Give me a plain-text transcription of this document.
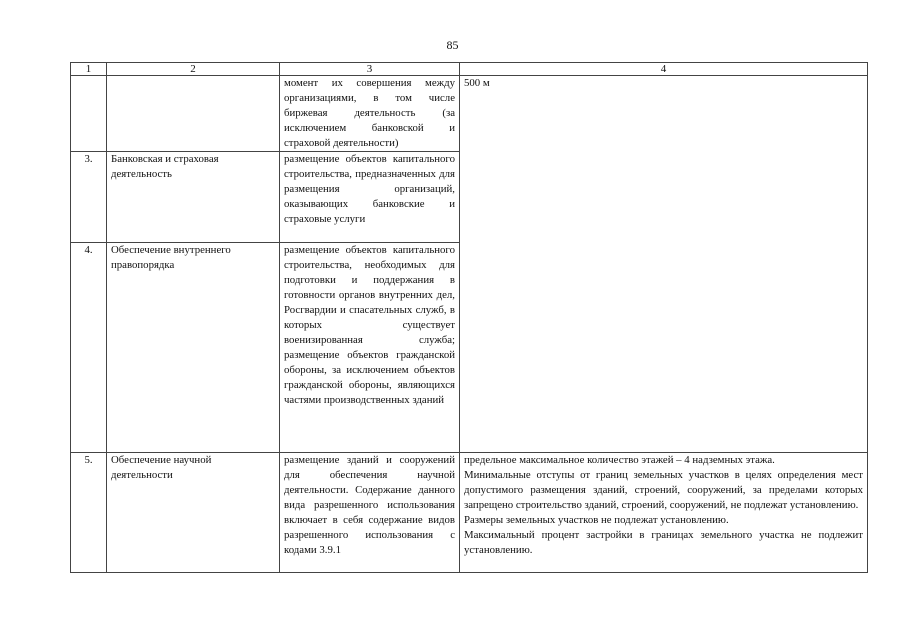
85
1	2	3	4
		момент их совершения между организациями, в том числе биржевая деятельность (за исключением банковской и страховой деятельности)	500 м
3.	Банковская и страховая деятельность	размещение объектов капитального строительства, предназначенных для размещения организаций, оказывающих банковские и страховые услуги	
4.	Обеспечение внутреннего правопорядка	размещение объектов капитального строительства, необходимых для подготовки и поддержания в готовности органов внутренних дел, Росгвардии и спасательных служб, в которых существует военизированная служба; размещение объектов гражданской обороны, за исключением объектов гражданской обороны, являющихся частями производственных зданий	
5.	Обеспечение научной деятельности	размещение зданий и сооружений для обеспечения научной деятельности. Содержание данного вида разрешенного использования включает в себя содержание видов разрешенного использования с кодами 3.9.1	предельное максимальное количество этажей – 4 надземных этажа.
Минимальные отступы от границ земельных участков в целях определения мест допустимого размещения зданий, строений, сооружений, за пределами которых запрещено строительство зданий, строений, сооружений, не подлежат установлению.
Размеры земельных участков не подлежат установлению.
Максимальный процент застройки в границах земельного участка не подлежит установлению.
